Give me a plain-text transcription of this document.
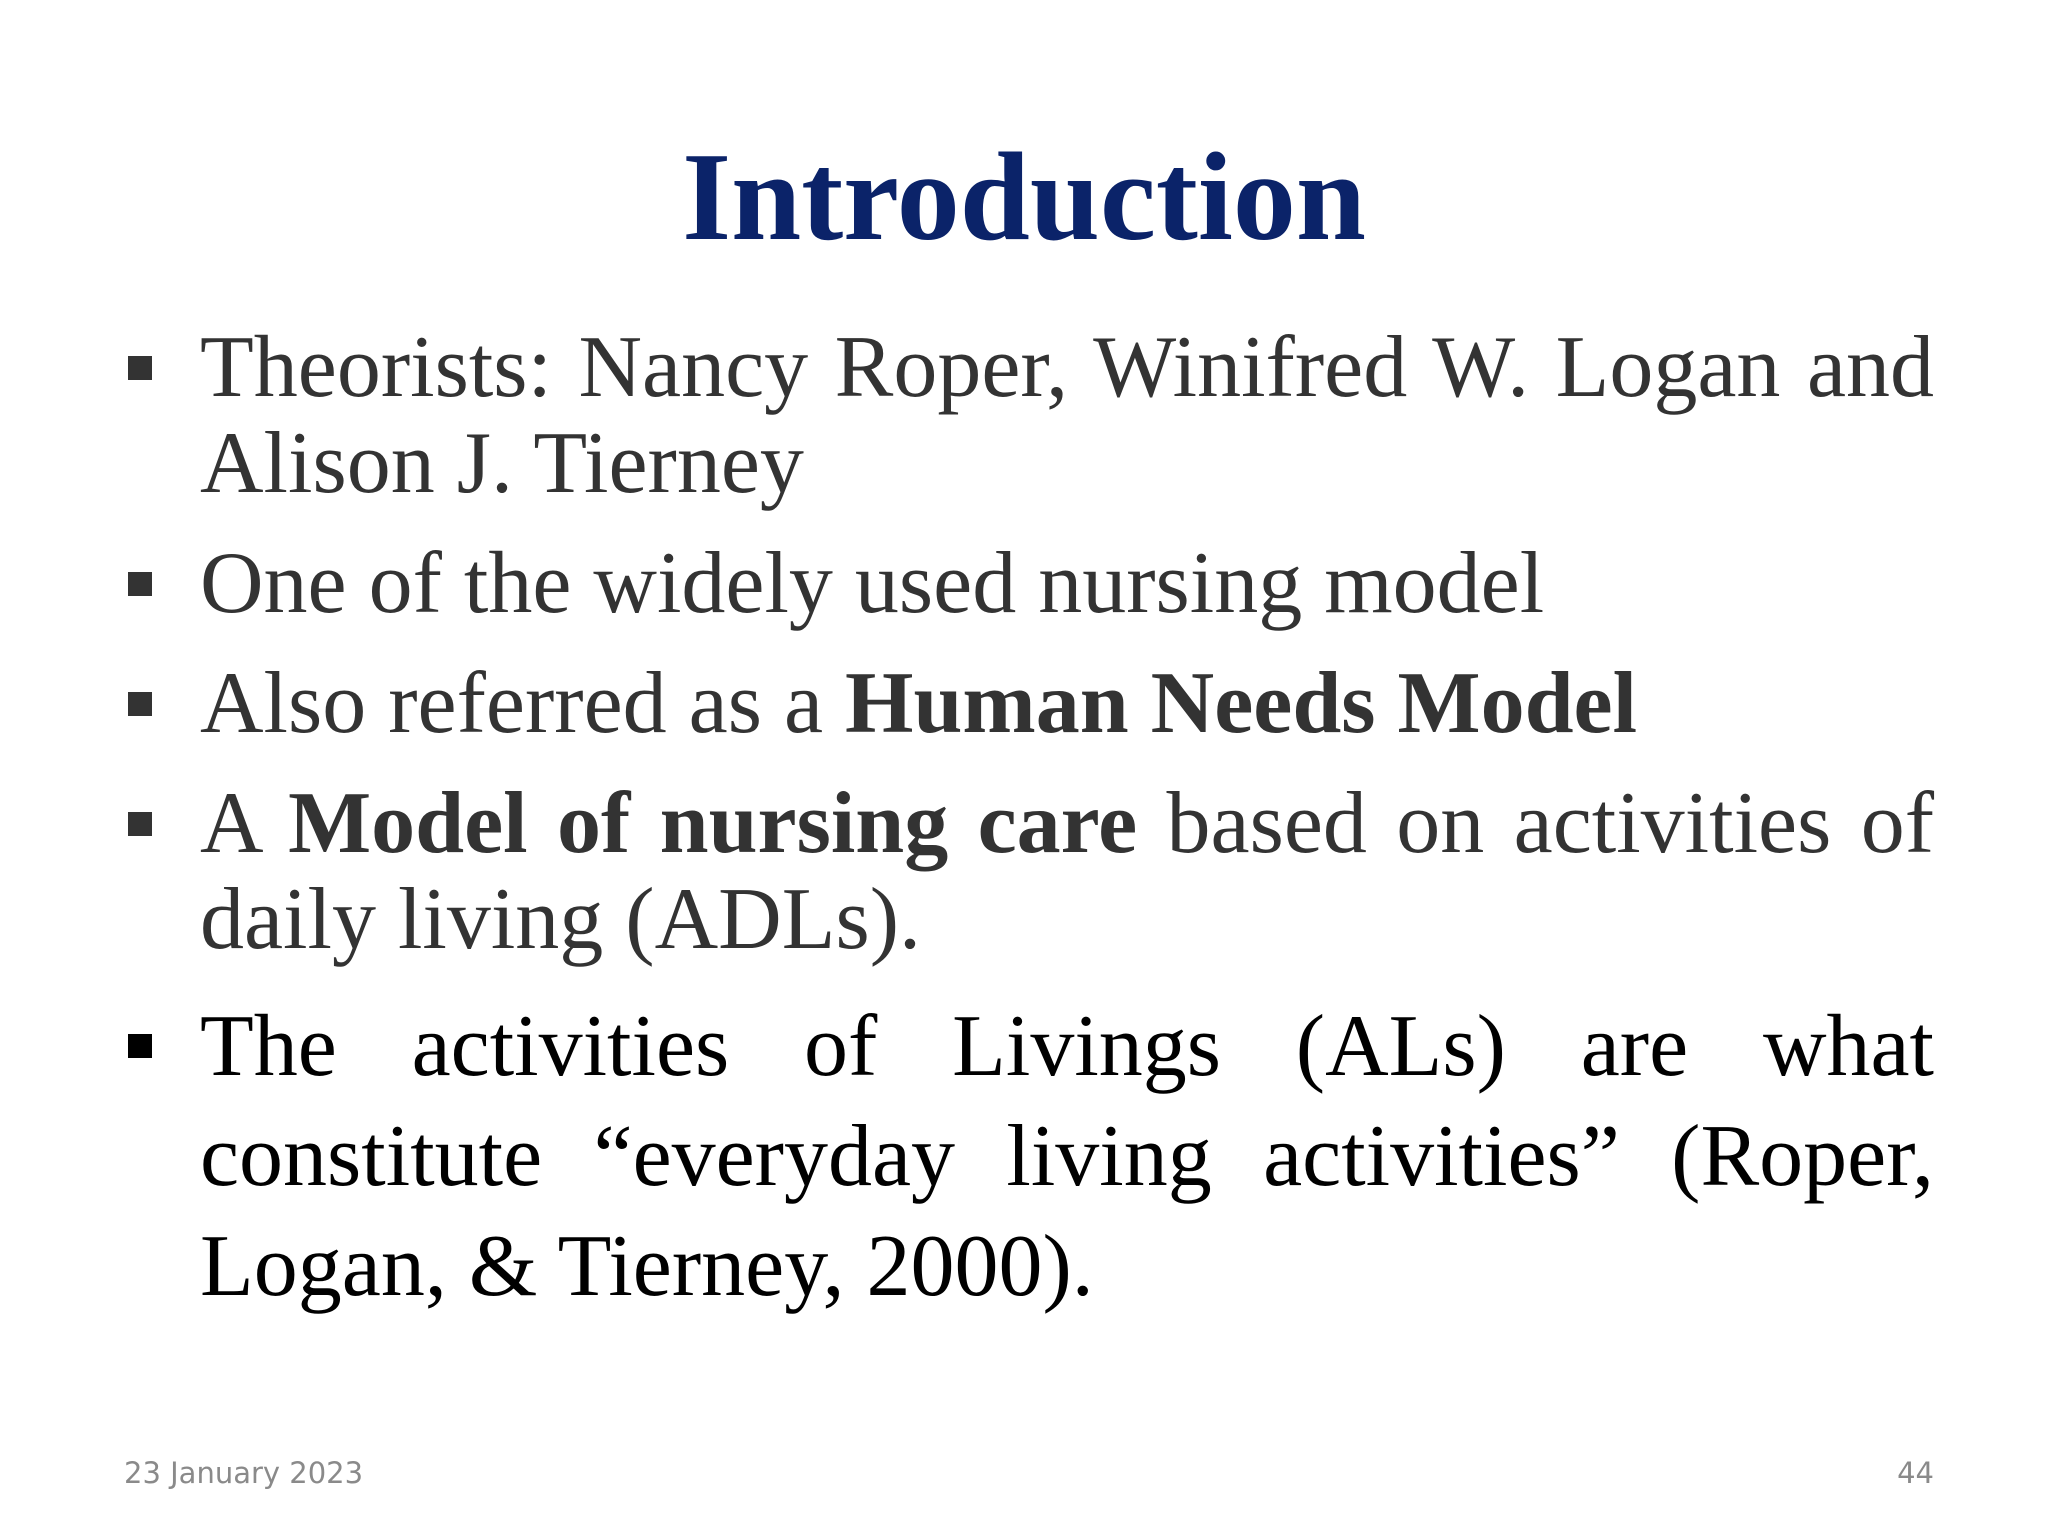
Introduction
Theorists: Nancy Roper, Winifred W. Logan and Alison J. Tierney
One of the widely used nursing model
Also referred as a Human Needs Model
A Model of nursing care based on activities of daily living (ADLs).
The activities of Livings (ALs) are what constitute “everyday living activities” (Roper, Logan, & Tierney, 2000).
23 January 2023	44
